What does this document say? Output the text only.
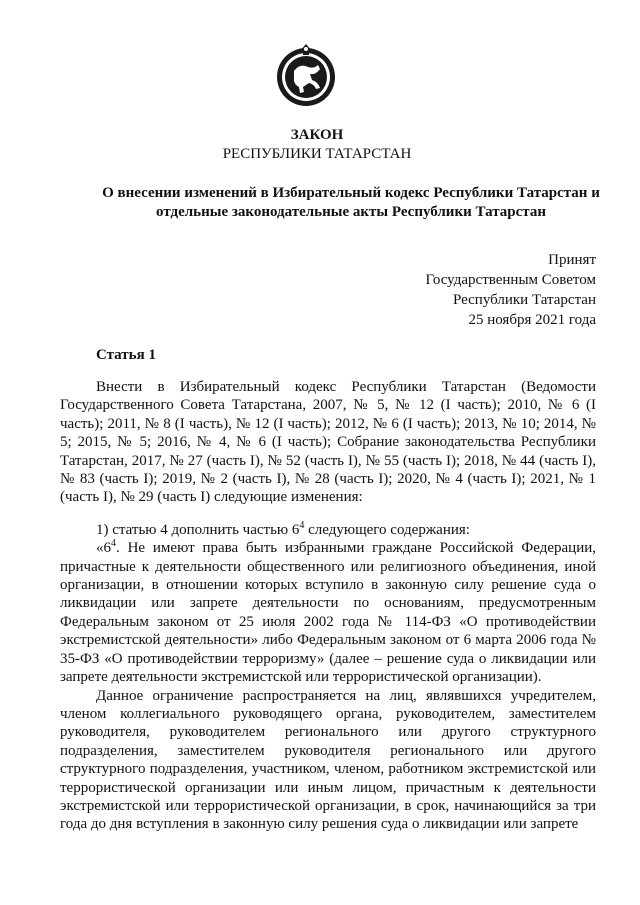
ЗАКОН
РЕСПУБЛИКИ ТАТАРСТАН
О внесении изменений в Избирательный кодекс Республики Татарстан и
отдельные законодательные акты Республики Татарстан
Принят
Государственным Советом
Республики Татарстан
25 ноября 2021 года
Статья 1

Внести в Избирательный кодекс Республики Татарстан (Ведомости Государственного Совета Татарстана, 2007, № 5, № 12 (I часть); 2010, № 6 (I часть); 2011, № 8 (I часть), № 12 (I часть); 2012, № 6 (I часть); 2013, № 10; 2014, № 5; 2015, № 5; 2016, № 4, № 6 (I часть); Собрание законодательства Республики Татарстан, 2017, № 27 (часть I), № 52 (часть I), № 55 (часть I); 2018, № 44 (часть I), № 83 (часть I); 2019, № 2 (часть I), № 28 (часть I); 2020, № 4 (часть I); 2021, № 1 (часть I), № 29 (часть I) следующие изменения:

1) статью 4 дополнить частью $6^4$ следующего содержания:

«$6^4$. Не имеют права быть избранными граждане Российской Федерации, причастные к деятельности общественного или религиозного объединения, иной организации, в отношении которых вступило в законную силу решение суда о ликвидации или запрете деятельности по основаниям, предусмотренным Федеральным законом от 25 июля 2002 года № 114-ФЗ «О противодействии экстремистской деятельности» либо Федеральным законом от 6 марта 2006 года № 35-ФЗ «О противодействии терроризму» (далее – решение суда о ликвидации или запрете деятельности экстремистской или террористической организации).

Данное ограничение распространяется на лиц, являвшихся учредителем, членом коллегиального руководящего органа, руководителем, заместителем руководителя, руководителем регионального или другого структурного подразделения, заместителем руководителя регионального или другого структурного подразделения, участником, членом, работником экстремистской или террористической организации или иным лицом, причастным к деятельности экстремистской или террористической организации, в срок, начинающийся за три года до дня вступления в законную силу решения суда о ликвидации или запрете
